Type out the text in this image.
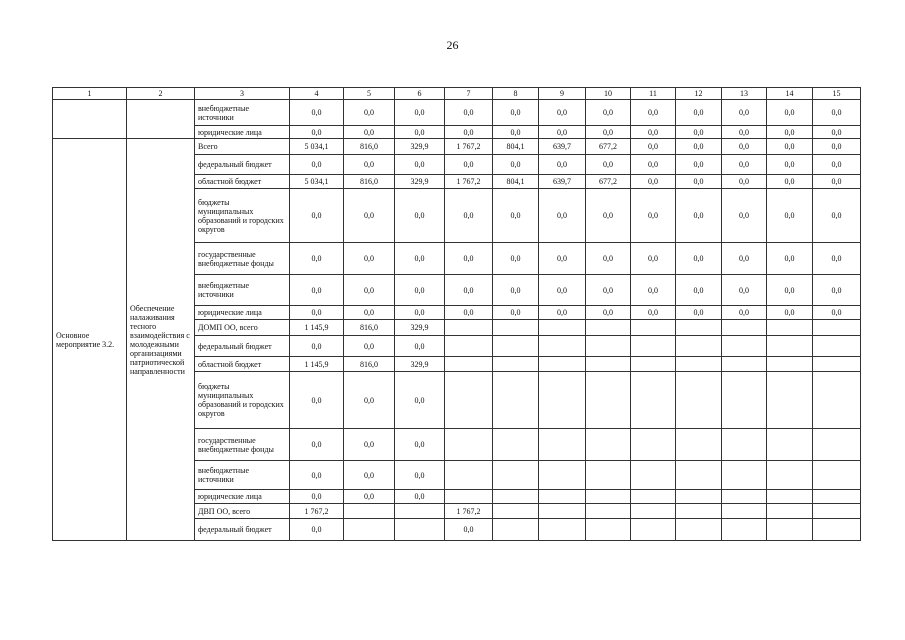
26
1	2	3	4	5	6	7	8	9	10	11	12	13	14	15
		внебюджетные источники	0,0	0,0	0,0	0,0	0,0	0,0	0,0	0,0	0,0	0,0	0,0	0,0
		юридические лица	0,0	0,0	0,0	0,0	0,0	0,0	0,0	0,0	0,0	0,0	0,0	0,0
Основное мероприятие 3.2.	Обеспечение налаживания тесного взаимодействия с молодежными организациями патриотической направленности	Всего	5 034,1	816,0	329,9	1 767,2	804,1	639,7	677,2	0,0	0,0	0,0	0,0	0,0
		федеральный бюджет	0,0	0,0	0,0	0,0	0,0	0,0	0,0	0,0	0,0	0,0	0,0	0,0
		областной бюджет	5 034,1	816,0	329,9	1 767,2	804,1	639,7	677,2	0,0	0,0	0,0	0,0	0,0
		бюджеты муниципальных образований и городских округов	0,0	0,0	0,0	0,0	0,0	0,0	0,0	0,0	0,0	0,0	0,0	0,0
		государственные внебюджетные фонды	0,0	0,0	0,0	0,0	0,0	0,0	0,0	0,0	0,0	0,0	0,0	0,0
		внебюджетные источники	0,0	0,0	0,0	0,0	0,0	0,0	0,0	0,0	0,0	0,0	0,0	0,0
		юридические лица	0,0	0,0	0,0	0,0	0,0	0,0	0,0	0,0	0,0	0,0	0,0	0,0
		ДОМП ОО, всего	1 145,9	816,0	329,9									
		федеральный бюджет	0,0	0,0	0,0									
		областной бюджет	1 145,9	816,0	329,9									
		бюджеты муниципальных образований и городских округов	0,0	0,0	0,0									
		государственные внебюджетные фонды	0,0	0,0	0,0									
		внебюджетные источники	0,0	0,0	0,0									
		юридические лица	0,0	0,0	0,0									
		ДВП ОО, всего	1 767,2			1 767,2								
		федеральный бюджет	0,0			0,0								
